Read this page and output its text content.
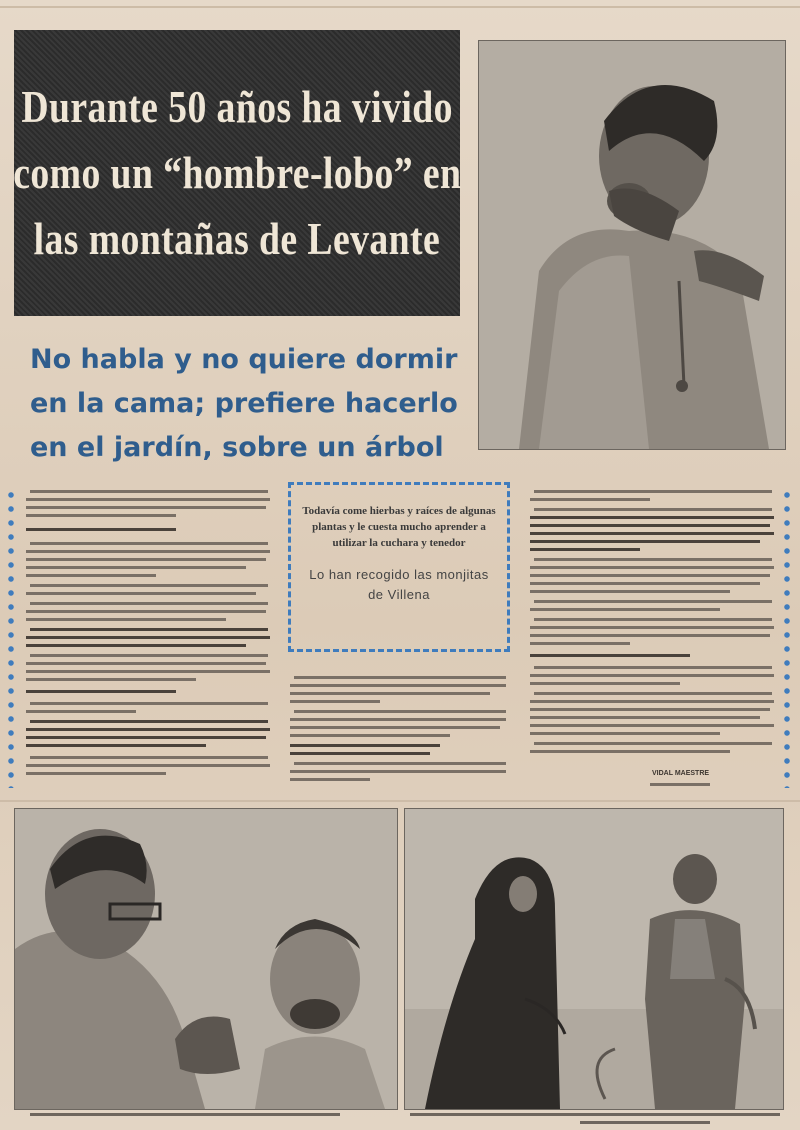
Durante 50 años ha vivido
como un “hombre-lobo” en
las montañas de Levante
No habla y no quiere dormir
en la cama; prefiere hacerlo
en el jardín, sobre un árbol
Todavía come hierbas y raíces de algunas plantas y le cuesta mucho aprender a utilizar la cuchara y tenedor
Lo han recogido las monjitas de Villena
VIDAL MAESTRE
